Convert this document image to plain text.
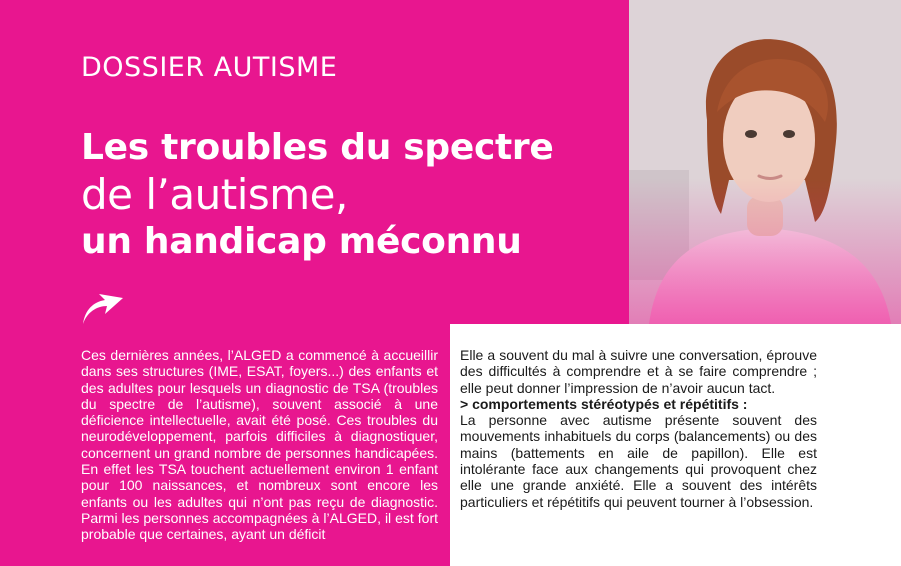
DOSSIER AUTISME
Les troubles du spectre
de l’autisme,
un handicap méconnu

Ces dernières années, l’ALGED a commencé à accueillir dans ses structures (IME, ESAT, foyers...) des enfants et des adultes pour lesquels un diagnostic de TSA (troubles du spectre de l’autisme), souvent associé à une déficience intellectuelle, avait été posé. Ces troubles du neurodéveloppement, parfois difficiles à diagnostiquer, concernent un grand nombre de personnes handicapées. En effet les TSA touchent actuellement environ 1 enfant pour 100 naissances, et nombreux sont encore les enfants ou les adultes qui n’ont pas reçu de diagnostic. Parmi les personnes accompagnées à l’ALGED, il est fort probable que certaines, ayant un déficit

Elle a souvent du mal à suivre une conversation, éprouve des difficultés à comprendre et à se faire comprendre ; elle peut donner l’impression de n’avoir aucun tact.

> comportements stéréotypés et répétitifs :

La personne avec autisme présente souvent des mouvements inhabituels du corps (balancements) ou des mains (battements en aile de papillon). Elle est intolérante face aux changements qui provoquent chez elle une grande anxiété. Elle a souvent des intérêts particuliers et répétitifs qui peuvent tourner à l’obsession.
